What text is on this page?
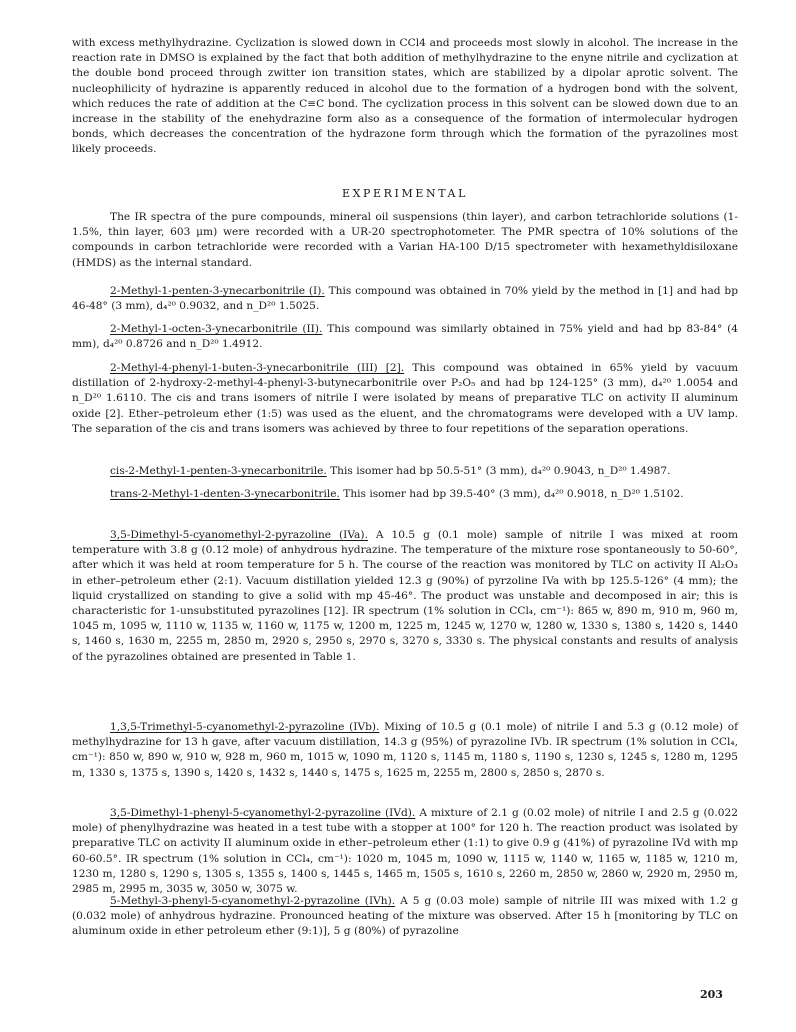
with excess methylhydrazine. Cyclization is slowed down in CCl4 and proceeds most slowly in alcohol. The increase in the reaction rate in DMSO is explained by the fact that both addition of methylhydrazine to the enyne nitrile and cyclization at the double bond proceed through zwitter ion transition states, which are stabilized by a dipolar aprotic solvent. The nucleophilicity of hydrazine is apparently reduced in alcohol due to the formation of a hydrogen bond with the solvent, which reduces the rate of addition at the C≡C bond. The cyclization process in this solvent can be slowed down due to an increase in the stability of the enehydrazine form also as a consequence of the formation of intermolecular hydrogen bonds, which decreases the concentration of the hydrazone form through which the formation of the pyrazolines most likely proceeds.

EXPERIMENTAL

The IR spectra of the pure compounds, mineral oil suspensions (thin layer), and carbon tetrachloride solutions (1-1.5%, thin layer, 603 μm) were recorded with a UR-20 spectrophotometer. The PMR spectra of 10% solutions of the compounds in carbon tetrachloride were recorded with a Varian HA-100 D/15 spectrometer with hexamethyldisiloxane (HMDS) as the internal standard.

2-Methyl-1-penten-3-ynecarbonitrile (I). This compound was obtained in 70% yield by the method in [1] and had bp 46-48° (3 mm), d₄²⁰ 0.9032, and n_D²⁰ 1.5025.

2-Methyl-1-octen-3-ynecarbonitrile (II). This compound was similarly obtained in 75% yield and had bp 83-84° (4 mm), d₄²⁰ 0.8726 and n_D²⁰ 1.4912.

2-Methyl-4-phenyl-1-buten-3-ynecarbonitrile (III) [2]. This compound was obtained in 65% yield by vacuum distillation of 2-hydroxy-2-methyl-4-phenyl-3-butynecarbonitrile over P₂O₅ and had bp 124-125° (3 mm), d₄²⁰ 1.0054 and n_D²⁰ 1.6110. The cis and trans isomers of nitrile I were isolated by means of preparative TLC on activity II aluminum oxide [2]. Ether–petroleum ether (1:5) was used as the eluent, and the chromatograms were developed with a UV lamp. The separation of the cis and trans isomers was achieved by three to four repetitions of the separation operations.

cis-2-Methyl-1-penten-3-ynecarbonitrile. This isomer had bp 50.5-51° (3 mm), d₄²⁰ 0.9043, n_D²⁰ 1.4987.

trans-2-Methyl-1-denten-3-ynecarbonitrile. This isomer had bp 39.5-40° (3 mm), d₄²⁰ 0.9018, n_D²⁰ 1.5102.

3,5-Dimethyl-5-cyanomethyl-2-pyrazoline (IVa). A 10.5 g (0.1 mole) sample of nitrile I was mixed at room temperature with 3.8 g (0.12 mole) of anhydrous hydrazine. The temperature of the mixture rose spontaneously to 50-60°, after which it was held at room temperature for 5 h. The course of the reaction was monitored by TLC on activity II Al₂O₃ in ether–petroleum ether (2:1). Vacuum distillation yielded 12.3 g (90%) of pyrzoline IVa with bp 125.5-126° (4 mm); the liquid crystallized on standing to give a solid with mp 45-46°. The product was unstable and decomposed in air; this is characteristic for 1-unsubstituted pyrazolines [12]. IR spectrum (1% solution in CCl₄, cm⁻¹): 865 w, 890 m, 910 m, 960 m, 1045 m, 1095 w, 1110 w, 1135 w, 1160 w, 1175 w, 1200 m, 1225 m, 1245 w, 1270 w, 1280 w, 1330 s, 1380 s, 1420 s, 1440 s, 1460 s, 1630 m, 2255 m, 2850 m, 2920 s, 2950 s, 2970 s, 3270 s, 3330 s. The physical constants and results of analysis of the pyrazolines obtained are presented in Table 1.

1,3,5-Trimethyl-5-cyanomethyl-2-pyrazoline (IVb). Mixing of 10.5 g (0.1 mole) of nitrile I and 5.3 g (0.12 mole) of methylhydrazine for 13 h gave, after vacuum distillation, 14.3 g (95%) of pyrazoline IVb. IR spectrum (1% solution in CCl₄, cm⁻¹): 850 w, 890 w, 910 w, 928 m, 960 m, 1015 w, 1090 m, 1120 s, 1145 m, 1180 s, 1190 s, 1230 s, 1245 s, 1280 m, 1295 m, 1330 s, 1375 s, 1390 s, 1420 s, 1432 s, 1440 s, 1475 s, 1625 m, 2255 m, 2800 s, 2850 s, 2870 s.

3,5-Dimethyl-1-phenyl-5-cyanomethyl-2-pyrazoline (IVd). A mixture of 2.1 g (0.02 mole) of nitrile I and 2.5 g (0.022 mole) of phenylhydrazine was heated in a test tube with a stopper at 100° for 120 h. The reaction product was isolated by preparative TLC on activity II aluminum oxide in ether–petroleum ether (1:1) to give 0.9 g (41%) of pyrazoline IVd with mp 60-60.5°. IR spectrum (1% solution in CCl₄, cm⁻¹): 1020 m, 1045 m, 1090 w, 1115 w, 1140 w, 1165 w, 1185 w, 1210 m, 1230 m, 1280 s, 1290 s, 1305 s, 1355 s, 1400 s, 1445 s, 1465 m, 1505 s, 1610 s, 2260 m, 2850 w, 2860 w, 2920 m, 2950 m, 2985 m, 2995 m, 3035 w, 3050 w, 3075 w.

5-Methyl-3-phenyl-5-cyanomethyl-2-pyrazoline (IVh). A 5 g (0.03 mole) sample of nitrile III was mixed with 1.2 g (0.032 mole) of anhydrous hydrazine. Pronounced heating of the mixture was observed. After 15 h [monitoring by TLC on aluminum oxide in ether petroleum ether (9:1)], 5 g (80%) of pyrazoline

203
